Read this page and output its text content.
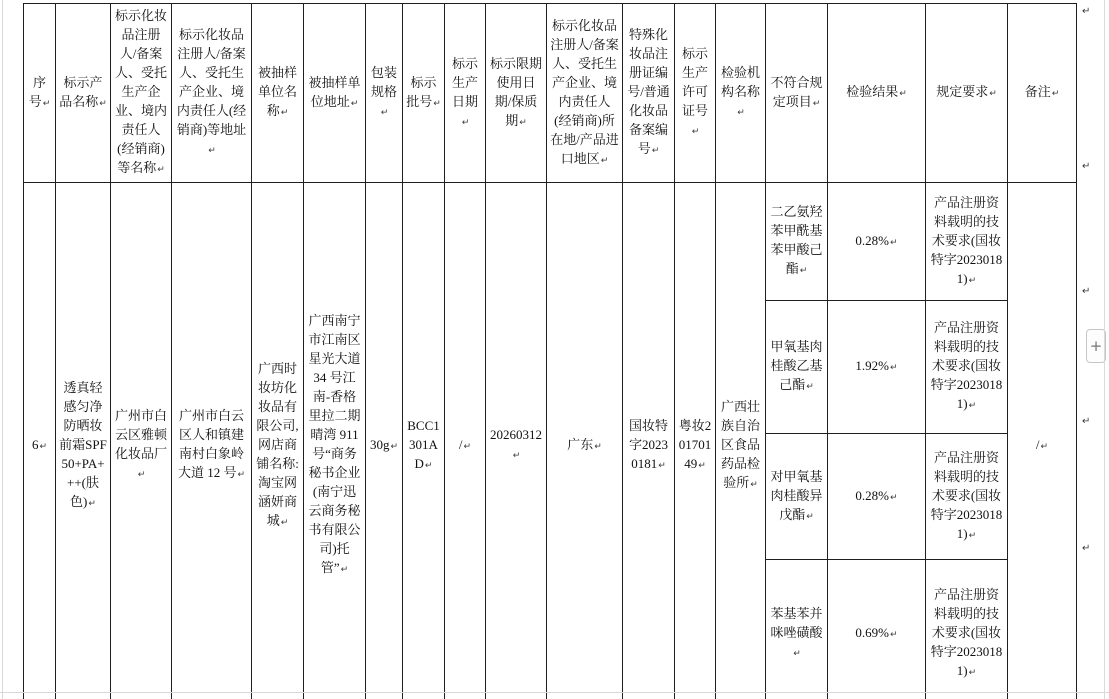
序号↵	标示产品名称↵	标示化妆品注册人/备案人、受托生产企业、境内责任人(经销商)等名称↵	标示化妆品注册人/备案人、受托生产企业、境内责任人(经销商)等地址↵	被抽样单位名称↵	被抽样单位地址↵	包装规格↵	标示批号↵	标示生产日期↵	标示限期使用日期/保质期↵	标示化妆品注册人/备案人、受托生产企业、境内责任人(经销商)所在地/产品进口地区↵	特殊化妆品注册证编号/普通化妆品备案编号↵	标示生产许可证号↵	检验机构名称↵	不符合规定项目↵	检验结果↵	规定要求↵	备注↵
6↵	透真轻感匀净防晒妆前霜SPF50+PA+++(肤色)↵	广州市白云区雅顿化妆品厂↵	广州市白云区人和镇建南村白象岭大道 12 号↵	广西时妆坊化妆品有限公司,网店商铺名称:淘宝网涵妍商城↵	广西南宁市江南区星光大道 34 号江南-香格里拉二期晴湾 911 号“商务秘书企业(南宁迅云商务秘书有限公司)托管”↵	30g↵	BCC1301AD↵	/↵	20260312↵	广东↵	国妆特字20230181↵	粤妆20170149↵	广西壮族自治区食品药品检验所↵	二乙氨羟苯甲酰基苯甲酸己酯↵	0.28%↵	产品注册资料载明的技术要求(国妆特字20230181)↵	/↵
														甲氧基肉桂酸乙基己酯↵	1.92%↵	产品注册资料载明的技术要求(国妆特字20230181)↵	
														对甲氧基肉桂酸异戊酯↵	0.28%↵	产品注册资料载明的技术要求(国妆特字20230181)↵	
														苯基苯并咪唑磺酸↵	0.69%↵	产品注册资料载明的技术要求(国妆特字20230181)↵	
↵
↵
↵
↵
↵
+
